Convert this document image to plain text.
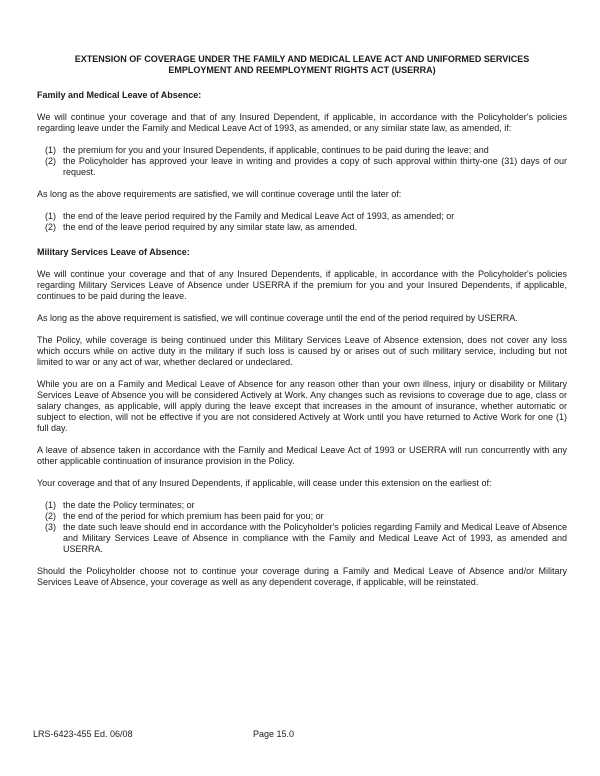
EXTENSION OF COVERAGE UNDER THE FAMILY AND MEDICAL LEAVE ACT AND UNIFORMED SERVICES
EMPLOYMENT AND REEMPLOYMENT RIGHTS ACT (USERRA)
Family and Medical Leave of Absence:

We will continue your coverage and that of any Insured Dependent, if applicable, in accordance with the Policyholder's policies regarding leave under the Family and Medical Leave Act of 1993, as amended, or any similar state law, as amended, if:

(1) the premium for you and your Insured Dependents, if applicable, continues to be paid during the leave; and
(2) the Policyholder has approved your leave in writing and provides a copy of such approval within thirty-one (31) days of our request.

As long as the above requirements are satisfied, we will continue coverage until the later of:

(1) the end of the leave period required by the Family and Medical Leave Act of 1993, as amended; or
(2) the end of the leave period required by any similar state law, as amended.
Military Services Leave of Absence:

We will continue your coverage and that of any Insured Dependents, if applicable, in accordance with the Policyholder's policies regarding Military Services Leave of Absence under USERRA if the premium for you and your Insured Dependents, if applicable, continues to be paid during the leave.

As long as the above requirement is satisfied, we will continue coverage until the end of the period required by USERRA.

The Policy, while coverage is being continued under this Military Services Leave of Absence extension, does not cover any loss which occurs while on active duty in the military if such loss is caused by or arises out of such military service, including but not limited to war or any act of war, whether declared or undeclared.

While you are on a Family and Medical Leave of Absence for any reason other than your own illness, injury or disability or Military Services Leave of Absence you will be considered Actively at Work. Any changes such as revisions to coverage due to age, class or salary changes, as applicable, will apply during the leave except that increases in the amount of insurance, whether automatic or subject to election, will not be effective if you are not considered Actively at Work until you have returned to Active Work for one (1) full day.

A leave of absence taken in accordance with the Family and Medical Leave Act of 1993 or USERRA will run concurrently with any other applicable continuation of insurance provision in the Policy.

Your coverage and that of any Insured Dependents, if applicable, will cease under this extension on the earliest of:

(1) the date the Policy terminates; or
(2) the end of the period for which premium has been paid for you; or
(3) the date such leave should end in accordance with the Policyholder's policies regarding Family and Medical Leave of Absence and Military Services Leave of Absence in compliance with the Family and Medical Leave Act of 1993, as amended and USERRA.

Should the Policyholder choose not to continue your coverage during a Family and Medical Leave of Absence and/or Military Services Leave of Absence, your coverage as well as any dependent coverage, if applicable, will be reinstated.

LRS-6423-455 Ed. 06/08	Page 15.0
